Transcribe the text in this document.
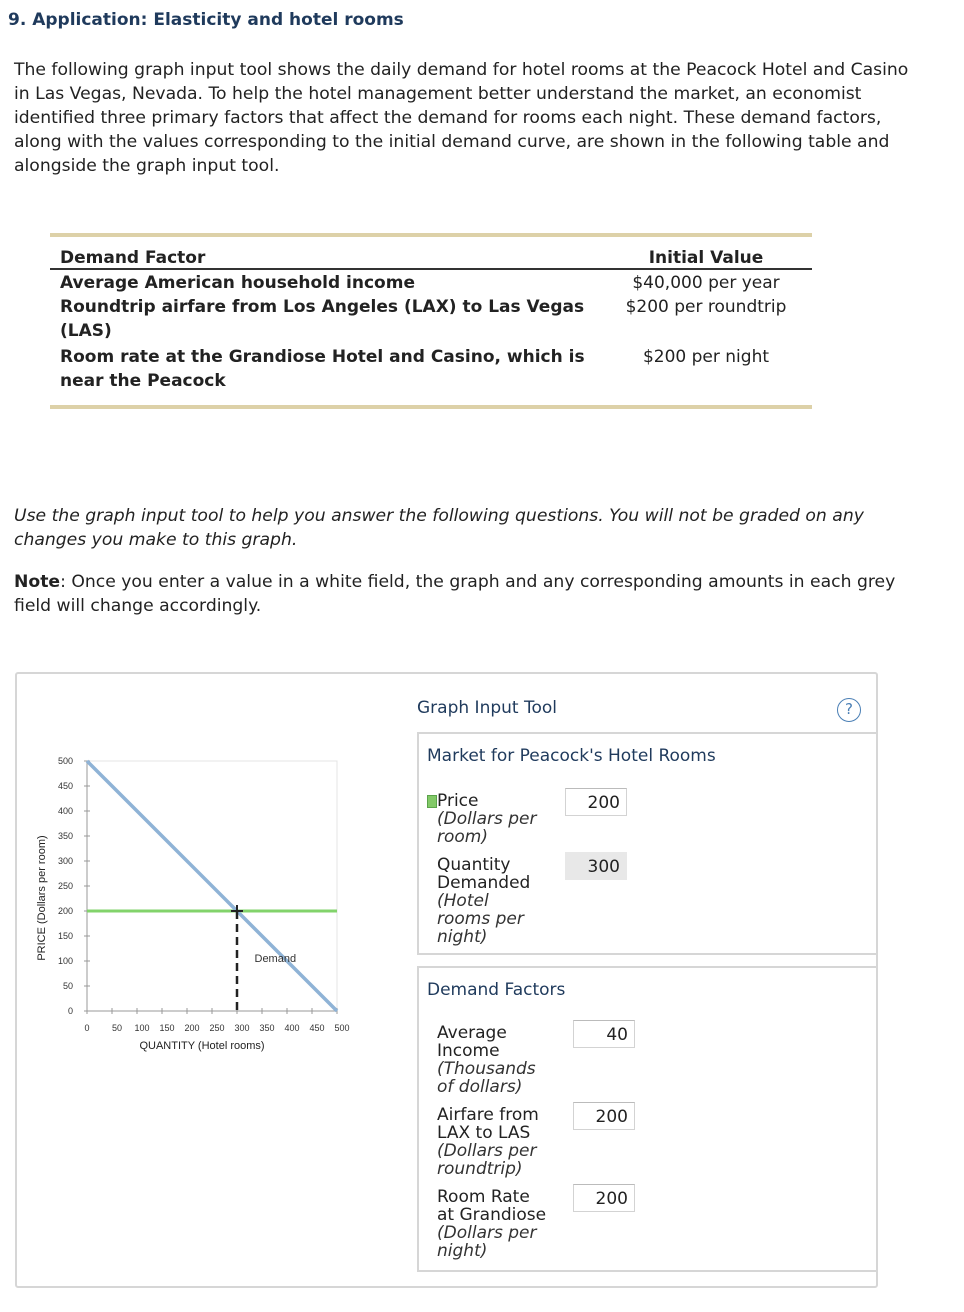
9. Application: Elasticity and hotel rooms

The following graph input tool shows the daily demand for hotel rooms at the Peacock Hotel and Casino in Las Vegas, Nevada. To help the hotel management better understand the market, an economist identified three primary factors that affect the demand for rooms each night. These demand factors, along with the values corresponding to the initial demand curve, are shown in the following table and alongside the graph input tool.

Demand Factor	Initial Value
Average American household income	$40,000 per year
Roundtrip airfare from Los Angeles (LAX) to Las Vegas (LAS)	$200 per roundtrip
Room rate at the Grandiose Hotel and Casino, which is near the Peacock	$200 per night

Use the graph input tool to help you answer the following questions. You will not be graded on any changes you make to this graph.

Note: Once you enter a value in a white field, the graph and any corresponding amounts in each grey field will change accordingly.

0
50
100
150
200
250
300
350
400
450
500
0 50 100 150 200 250 300 350 400 450 500
QUANTITY (Hotel rooms)
PRICE (Dollars per room)	Demand
Graph Input Tool	?
Market for Peacock's Hotel Rooms
Price
(Dollars per
room)
200
Quantity
Demanded
(Hotel
rooms per
night)
300
Demand Factors
Average
Income
(Thousands
of dollars)
40
Airfare from
LAX to LAS
(Dollars per
roundtrip)
200
Room Rate
at Grandiose
(Dollars per
night)
200
